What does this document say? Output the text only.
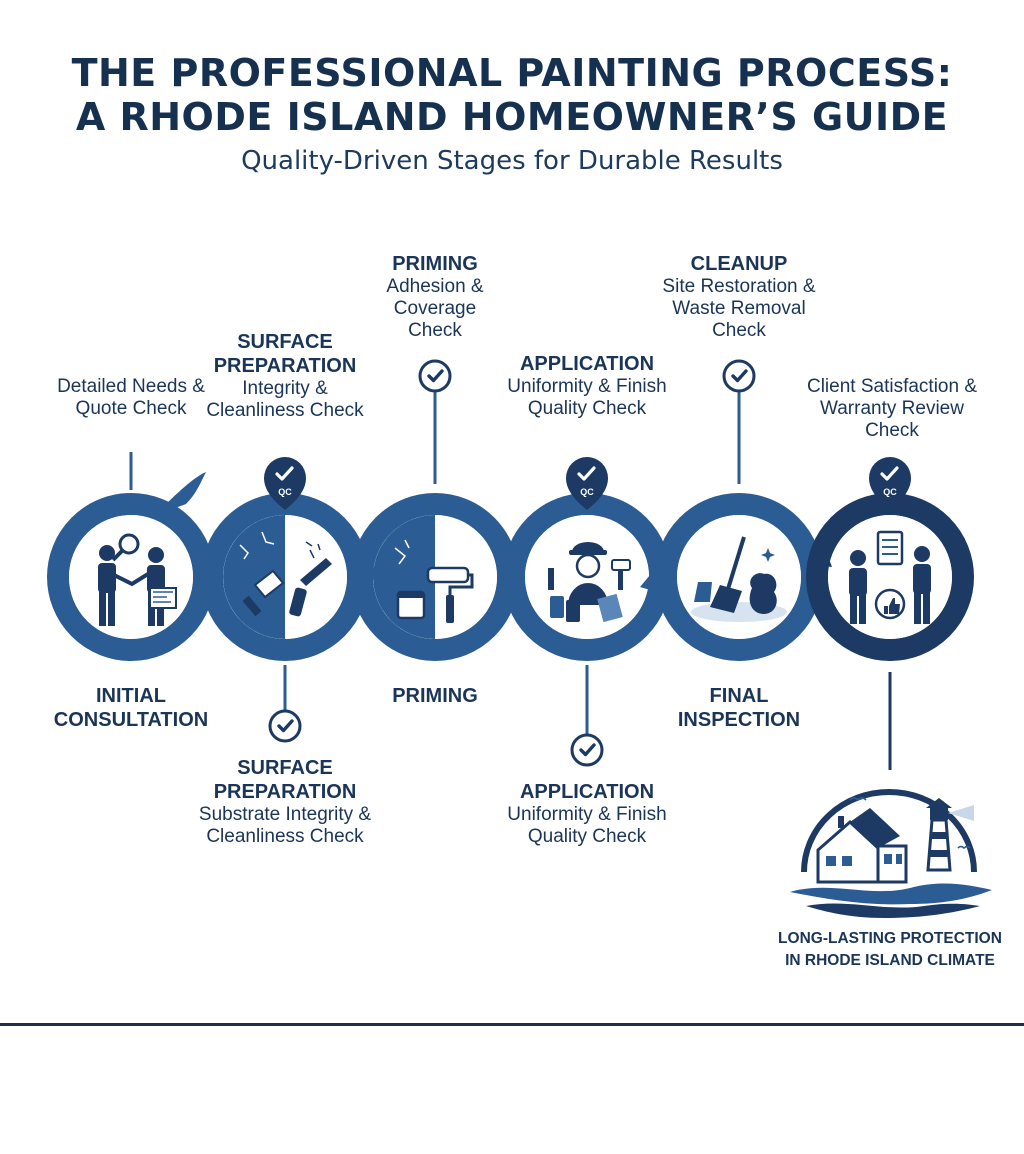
THE PROFESSIONAL PAINTING PROCESS:
A RHODE ISLAND HOMEOWNER’S GUIDE
Quality-Driven Stages for Durable Results
QC	QC	QC
Detailed Needs & Quote Check
INITIAL CONSULTATION
SURFACE PREPARATION
Integrity & Cleanliness Check
SURFACE PREPARATION
Substrate Integrity & Cleanliness Check
PRIMING
Adhesion & Coverage Check
PRIMING
APPLICATION
Uniformity & Finish Quality Check
APPLICATION
Uniformity & Finish Quality Check
CLEANUP
Site Restoration & Waste Removal Check
FINAL INSPECTION
Client Satisfaction & Warranty Review Check
LONG-LASTING PROTECTION
IN RHODE ISLAND CLIMATE
